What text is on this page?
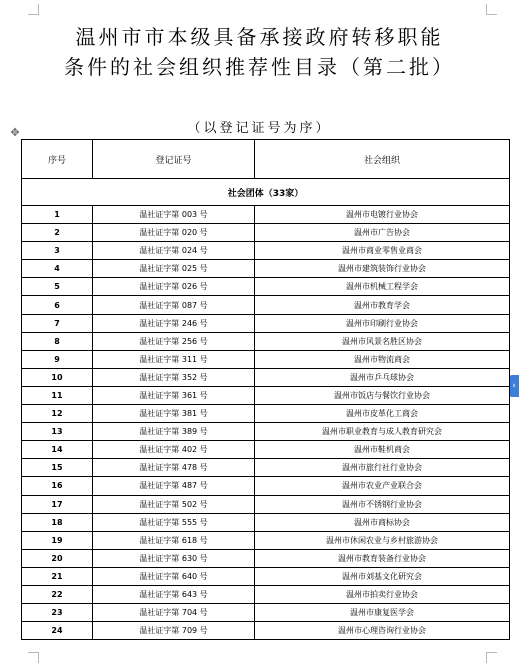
温州市市本级具备承接政府转移职能
条件的社会组织推荐性目录（第二批）
（以登记证号为序）
✥
›
序号	登记证号	社会组织
社会团体（33家）		
1	温社证字第 003 号	温州市电镀行业协会
2	温社证字第 020 号	温州市广告协会
3	温社证字第 024 号	温州市商业零售业商会
4	温社证字第 025 号	温州市建筑装饰行业协会
5	温社证字第 026 号	温州市机械工程学会
6	温社证字第 087 号	温州市教育学会
7	温社证字第 246 号	温州市印刷行业协会
8	温社证字第 256 号	温州市风景名胜区协会
9	温社证字第 311 号	温州市物流商会
10	温社证字第 352 号	温州市乒乓球协会
11	温社证字第 361 号	温州市饭店与餐饮行业协会
12	温社证字第 381 号	温州市皮革化工商会
13	温社证字第 389 号	温州市职业教育与成人教育研究会
14	温社证字第 402 号	温州市鞋机商会
15	温社证字第 478 号	温州市旅行社行业协会
16	温社证字第 487 号	温州市农业产业联合会
17	温社证字第 502 号	温州市不锈钢行业协会
18	温社证字第 555 号	温州市商标协会
19	温社证字第 618 号	温州市休闲农业与乡村旅游协会
20	温社证字第 630 号	温州市教育装备行业协会
21	温社证字第 640 号	温州市刘基文化研究会
22	温社证字第 643 号	温州市拍卖行业协会
23	温社证字第 704 号	温州市康复医学会
24	温社证字第 709 号	温州市心理咨询行业协会
